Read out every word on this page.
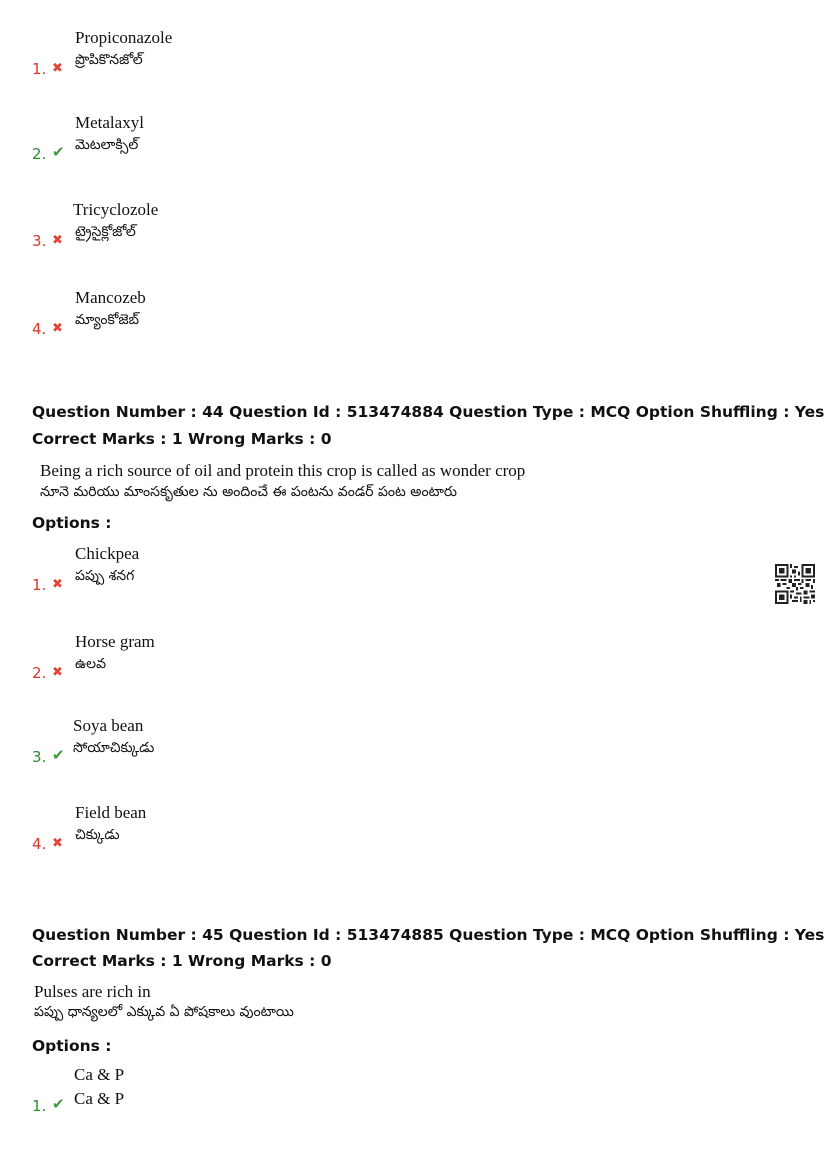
1. ✖
Propiconazole
ప్రొపికొనజోల్
2. ✔
Metalaxyl
మెటలాక్సిల్
3. ✖
Tricyclozole
ట్రైసైక్లోజోల్
4. ✖
Mancozeb
మ్యాంకోజెబ్
Question Number : 44 Question Id : 513474884 Question Type : MCQ Option Shuffling : Yes
Correct Marks : 1 Wrong Marks : 0
Being a rich source of oil and protein this crop is called as wonder crop
నూనె మరియు మాంసకృతుల ను అందించే ఈ పంటను వండర్ పంట అంటారు
Options :
1. ✖
Chickpea
పప్పు శనగ
2. ✖
Horse gram
ఉలవ
3. ✔
Soya bean
సోయాచిక్కుడు
4. ✖
Field bean
చిక్కుడు
Question Number : 45 Question Id : 513474885 Question Type : MCQ Option Shuffling : Yes
Correct Marks : 1 Wrong Marks : 0
Pulses are rich in
పప్పు ధాన్యలలో ఎక్కువ ఏ పోషకాలు వుంటాయి
Options :
1. ✔
Ca & P
Ca & P
